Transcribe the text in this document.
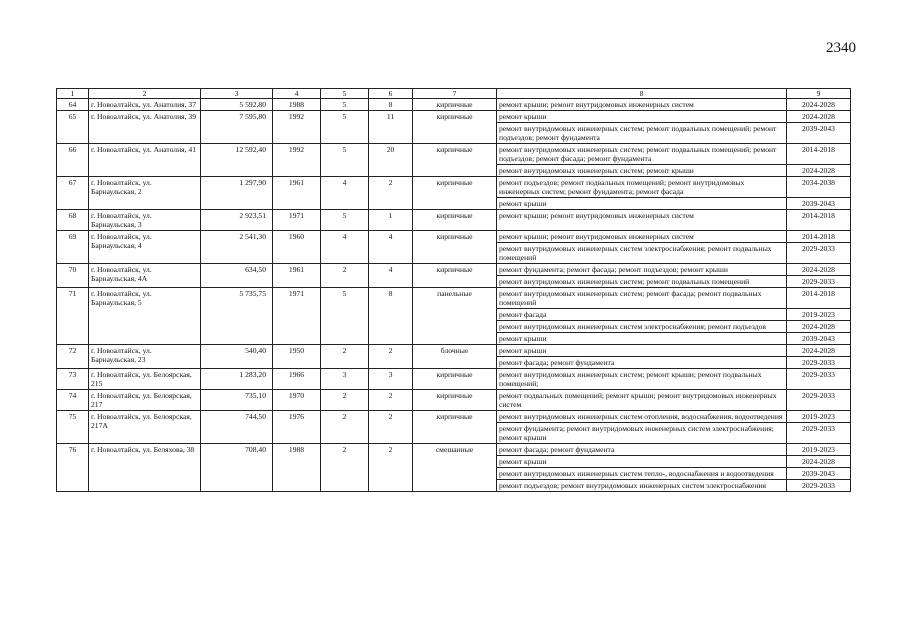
2340
1	2	3	4	5	6	7	8	9
64	г. Новоалтайск, ул. Анатолия, 37	5 592,80	1988	5	8	кирпичные	ремонт крыши; ремонт внутридомовых инженерных систем	2024-2028
65	г. Новоалтайск, ул. Анатолия, 39	7 595,80	1992	5	11	кирпичные	ремонт крыши	2024-2028
							ремонт внутридомовых инженерных систем; ремонт подвальных помещений; ремонт подъездов; ремонт фундамента	2039-2043
66	г. Новоалтайск, ул. Анатолия, 41	12 592,40	1992	5	20	кирпичные	ремонт внутридомовых инженерных систем; ремонт подвальных помещений; ремонт подъездов; ремонт фасада; ремонт фундамента	2014-2018
							ремонт внутридомовых инженерных систем; ремонт крыши	2024-2028
67	г. Новоалтайск, ул. Барнаульская, 2	1 297,90	1961	4	2	кирпичные	ремонт подъездов; ремонт подвальных помещений; ремонт внутридомовых инженерных систем; ремонт фундамента; ремонт фасада	2034-2038
							ремонт крыши	2039-2043
68	г. Новоалтайск, ул. Барнаульская, 3	2 923,51	1971	5	1	кирпичные	ремонт крыши; ремонт внутридомовых инженерных систем	2014-2018
69	г. Новоалтайск, ул. Барнаульская, 4	2 541,30	1960	4	4	кирпичные	ремонт крыши; ремонт внутридомовых инженерных систем	2014-2018
							ремонт внутридомовых инженерных систем электроснабжения; ремонт подвальных помещений	2029-2033
70	г. Новоалтайск, ул. Барнаульская, 4А	634,50	1961	2	4	кирпичные	ремонт фундамента; ремонт фасада; ремонт подъездов; ремонт крыши	2024-2028
							ремонт внутридомовых инженерных систем; ремонт подвальных помещений	2029-2033
71	г. Новоалтайск, ул. Барнаульская, 5	5 735,75	1971	5	8	панельные	ремонт внутридомовых инженерных систем; ремонт фасада; ремонт подвальных помещений	2014-2018
							ремонт фасада	2019-2023
							ремонт внутридомовых инженерных систем электроснабжения; ремонт подъездов	2024-2028
							ремонт крыши	2039-2043
72	г. Новоалтайск, ул. Барнаульская, 23	540,40	1950	2	2	блочные	ремонт крыши	2024-2028
							ремонт фасада; ремонт фундамента	2029-2033
73	г. Новоалтайск, ул. Белоярская, 215	1 283,20	1966	3	3	кирпичные	ремонт внутридомовых инженерных систем; ремонт крыши; ремонт подвальных помещений;	2029-2033
74	г. Новоалтайск, ул. Белоярская, 217	735,10	1970	2	2	кирпичные	ремонт подвальных помещений; ремонт крыши; ремонт внутридомовых инженерных систем	2029-2033
75	г. Новоалтайск, ул. Белоярская, 217А	744,50	1976	2	2	кирпичные	ремонт внутридомовых инженерных систем отопления, водоснабжения, водоотведения	2019-2023
							ремонт фундамента; ремонт внутридомовых инженерных систем электроснабжения; ремонт крыши	2029-2033
76	г. Новоалтайск, ул. Беляхова, 38	708,40	1988	2	2	смешанные	ремонт фасада; ремонт фундамента	2019-2023
							ремонт крыши	2024-2028
							ремонт внутридомовых инженерных систем тепло-, водоснабжения и водоотведения	2039-2043
							ремонт подъездов; ремонт внутридомовых инженерных систем электроснабжения	2029-2033
